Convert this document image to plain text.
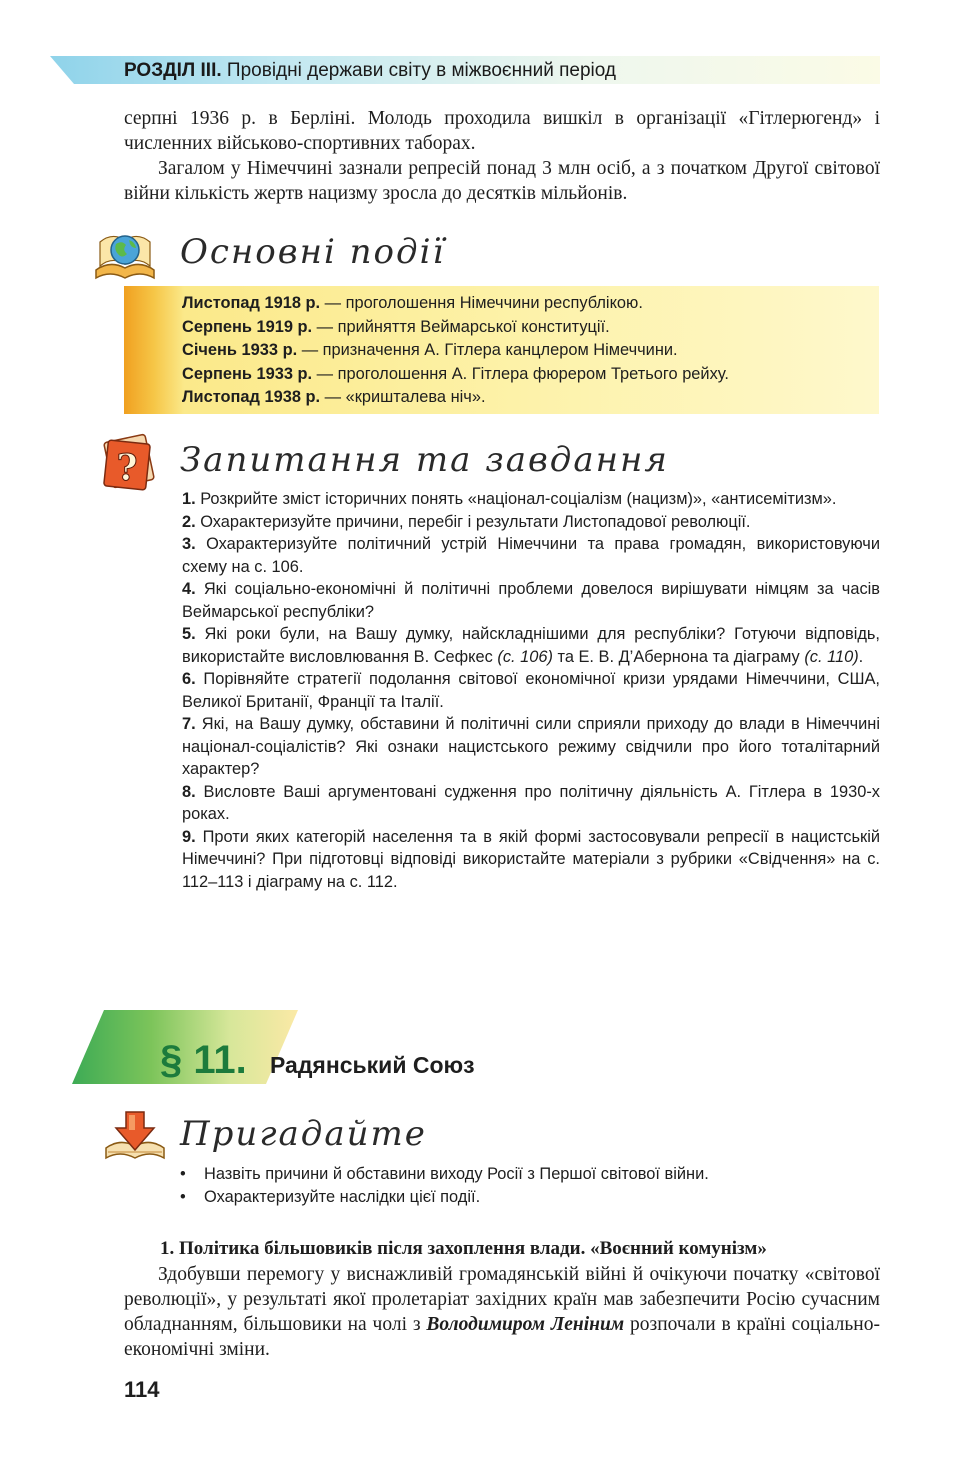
РОЗДІЛ ІІІ. Провідні держави світу в міжвоєнний період
серпні 1936 р. в Берліні. Молодь проходила вишкіл в організації «Гітлерюгенд» і численних військово-спортивних таборах.
Загалом у Німеччині зазнали репресій понад 3 млн осіб, а з початком Другої світової війни кількість жертв нацизму зросла до десятків мільйонів.
Основні події
Листопад 1918 р. — проголошення Німеччини республікою.
Серпень 1919 р. — прийняття Веймарської конституції.
Січень 1933 р. — призначення А. Гітлера канцлером Німеччини.
Серпень 1933 р. — проголошення А. Гітлера фюрером Третього рейху.
Листопад 1938 р. — «кришталева ніч».
? Запитання та завдання

1. Розкрийте зміст історичних понять «націонал-соціалізм (нацизм)», «антисемітизм».

2. Охарактеризуйте причини, перебіг і результати Листопадової революції.

3. Охарактеризуйте політичний устрій Німеччини та права громадян, використовуючи схему на с. 106.

4. Які соціально-економічні й політичні проблеми довелося вирішувати німцям за часів Веймарської республіки?

5. Які роки були, на Вашу думку, найскладнішими для республіки? Готуючи відповідь, використайте висловлювання В. Сефкес (с. 106) та Е. В. Д’Абернона та діаграму (с. 110).

6. Порівняйте стратегії подолання світової економічної кризи урядами Німеччини, США, Великої Британії, Франції та Італії.

7. Які, на Вашу думку, обставини й політичні сили сприяли приходу до влади в Німеччині націонал-соціалістів? Які ознаки нацистського режиму свідчили про його тоталітарний характер?

8. Висловте Ваші аргументовані судження про політичну діяльність А. Гітлера в 1930-х роках.

9. Проти яких категорій населення та в якій формі застосовували репресії в нацистській Німеччині? При підготовці відповіді використайте матеріали з рубрики «Свідчення» на с. 112–113 і діаграму на с. 112.

§ 11. Радянський Союз
Пригадайте
• Назвіть причини й обставини виходу Росії з Першої світової війни.
• Охарактеризуйте наслідки цієї події.
1. Політика більшовиків після захоплення влади. «Воєнний комунізм»
Здобувши перемогу у виснажливій громадянській війні й очікуючи початку «світової революції», у результаті якої пролетаріат західних країн мав забезпечити Росію сучасним обладнанням, більшовики на чолі з Володимиром Леніним розпочали в країні соціально-економічні зміни.
114
